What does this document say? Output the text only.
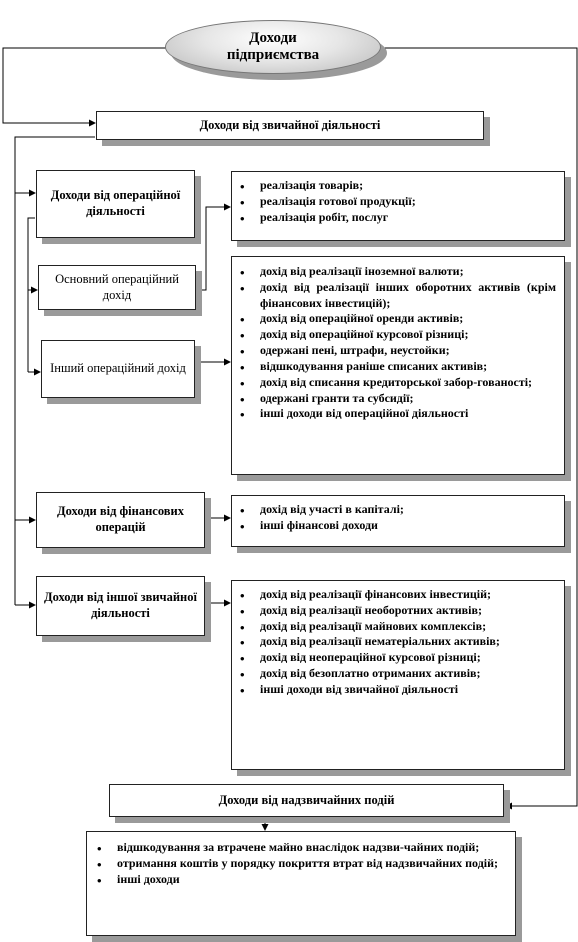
Доходи
підприємства
Доходи від звичайної діяльності
Доходи від операційної діяльності
Основний операційний дохід
Інший операційний дохід
• реалізація товарів;
• реалізація готової продукції;
• реалізація робіт, послуг
• дохід від реалізації іноземної валюти;
• дохід від реалізації інших оборотних активів (крім фінансових інвестицій);
• дохід від операційної оренди активів;
• дохід від операційної курсової різниці;
• одержані пені, штрафи, неустойки;
• відшкодування раніше списаних активів;
• дохід від списання кредиторської забор-гованості;
• одержані гранти та субсидії;
• інші доходи від операційної діяльності
Доходи від фінансових операцій
• дохід від участі в капіталі;
• інші фінансові доходи
Доходи від іншої звичайної діяльності
• дохід від реалізації фінансових інвестицій;
• дохід від реалізації необоротних активів;
• дохід від реалізації майнових комплексів;
• дохід від реалізації нематеріальних активів;
• дохід від неопераційної курсової різниці;
• дохід від безоплатно отриманих активів;
• інші доходи від звичайної діяльності
Доходи від надзвичайних подій
• відшкодування за втрачене майно внаслідок надзви-чайних подій;
• отримання коштів у порядку покриття втрат від надзвичайних подій;
• інші доходи
